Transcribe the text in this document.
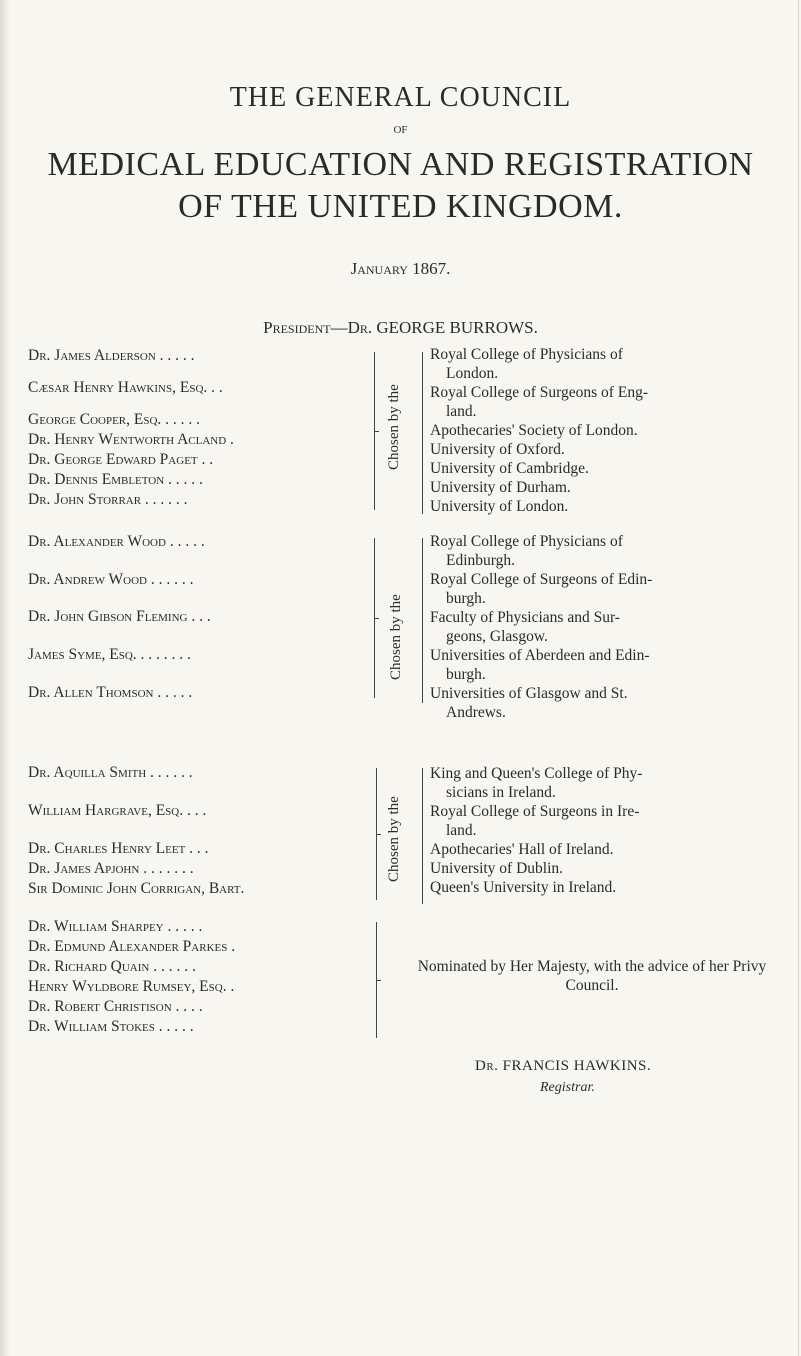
THE GENERAL COUNCIL
OF
MEDICAL EDUCATION AND REGISTRATION
OF THE UNITED KINGDOM.
January 1867.
President—Dr. GEORGE BURROWS.
Dr. James Alderson . . . . .
Cæsar Henry Hawkins, Esq. . .
George Cooper, Esq. . . . . .
Dr. Henry Wentworth Acland .
Dr. George Edward Paget . .
Dr. Dennis Embleton . . . . .
Dr. John Storrar . . . . . .
Chosen by the
Royal College of Physicians of
London.
Royal College of Surgeons of Eng-
land.
Apothecaries' Society of London.
University of Oxford.
University of Cambridge.
University of Durham.
University of London.
Dr. Alexander Wood . . . . .
Dr. Andrew Wood . . . . . .
Dr. John Gibson Fleming . . .
James Syme, Esq. . . . . . . .
Dr. Allen Thomson . . . . .
Chosen by the
Royal College of Physicians of
Edinburgh.
Royal College of Surgeons of Edin-
burgh.
Faculty of Physicians and Sur-
geons, Glasgow.
Universities of Aberdeen and Edin-
burgh.
Universities of Glasgow and St.
Andrews.
Dr. Aquilla Smith . . . . . .
William Hargrave, Esq. . . .
Dr. Charles Henry Leet . . .
Dr. James Apjohn . . . . . . .
Sir Dominic John Corrigan, Bart.
Chosen by the
King and Queen's College of Phy-
sicians in Ireland.
Royal College of Surgeons in Ire-
land.
Apothecaries' Hall of Ireland.
University of Dublin.
Queen's University in Ireland.
Dr. William Sharpey . . . . .
Dr. Edmund Alexander Parkes .
Dr. Richard Quain . . . . . .
Henry Wyldbore Rumsey, Esq. .
Dr. Robert Christison . . . .
Dr. William Stokes . . . . .
Nominated by Her Majesty, with the advice of her Privy Council.
Dr. FRANCIS HAWKINS.
Registrar.
